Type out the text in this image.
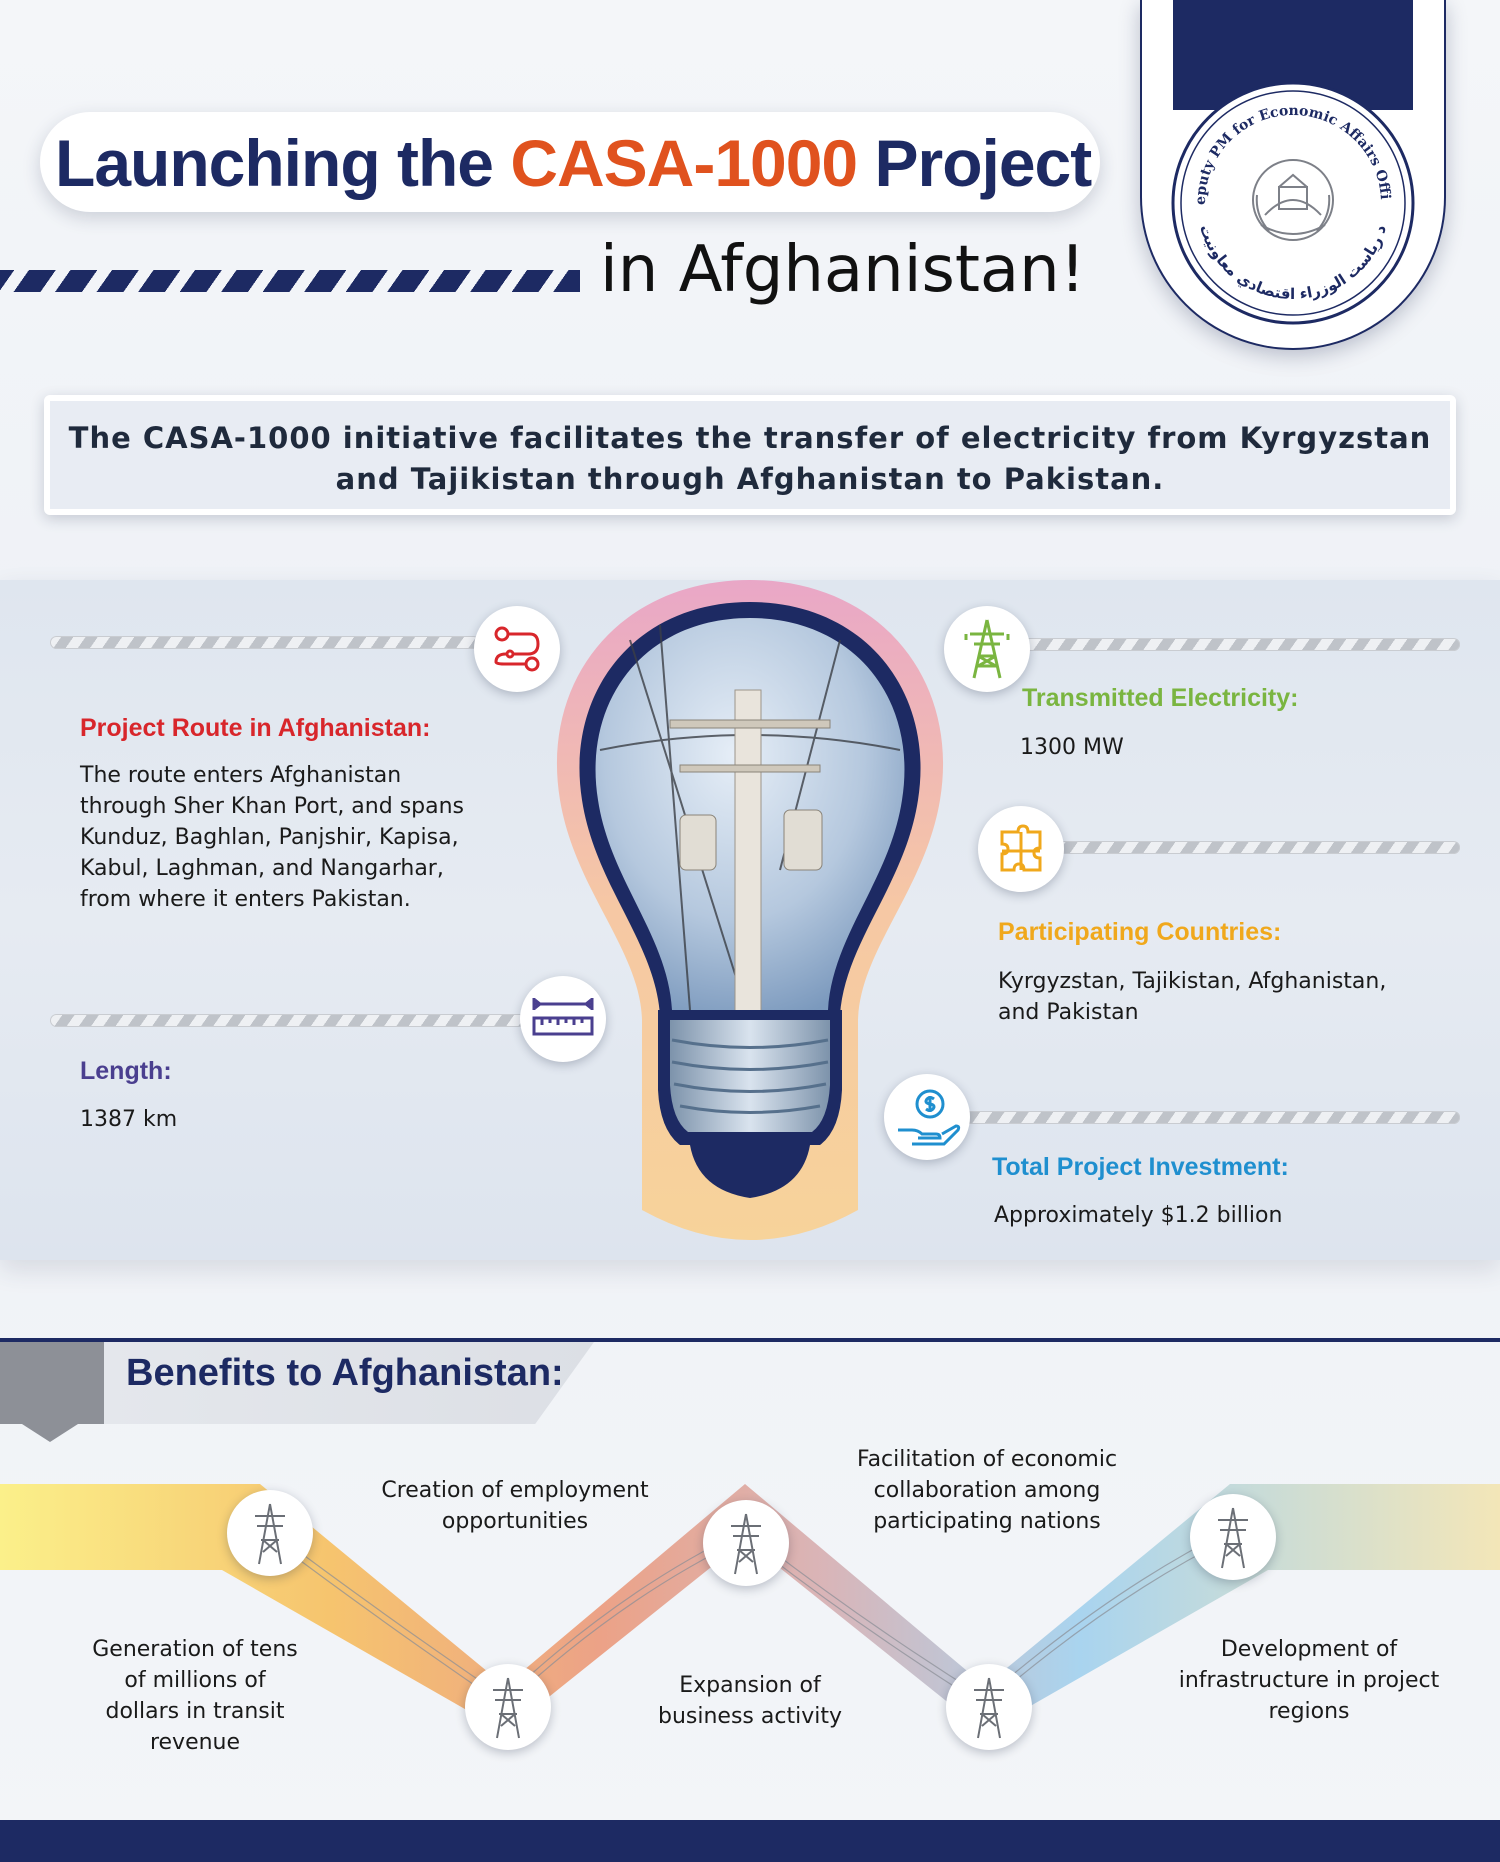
Launching the CASA-1000 Project
in Afghanistan!
eputy PM for Economic Affairs Office
د ریاست الوزراء اقتصادي معاونیت
The CASA-1000 initiative facilitates the transfer of electricity from Kyrgyzstan
and Tajikistan through Afghanistan to Pakistan.
Project Route in Afghanistan:
The route enters Afghanistan
through Sher Khan Port, and spans
Kunduz, Baghlan, Panjshir, Kapisa,
Kabul, Laghman, and Nangarhar,
from where it enters Pakistan.
Length:
1387 km
Transmitted Electricity:
1300 MW
Participating Countries:
Kyrgyzstan, Tajikistan, Afghanistan,
and Pakistan
Total Project Investment:
Approximately $1.2 billion
Benefits to Afghanistan:
Generation of tens
of millions of
dollars in transit
revenue
Creation of employment
opportunities
Expansion of
business activity
Facilitation of economic
collaboration among
participating nations
Development of
infrastructure in project
regions
